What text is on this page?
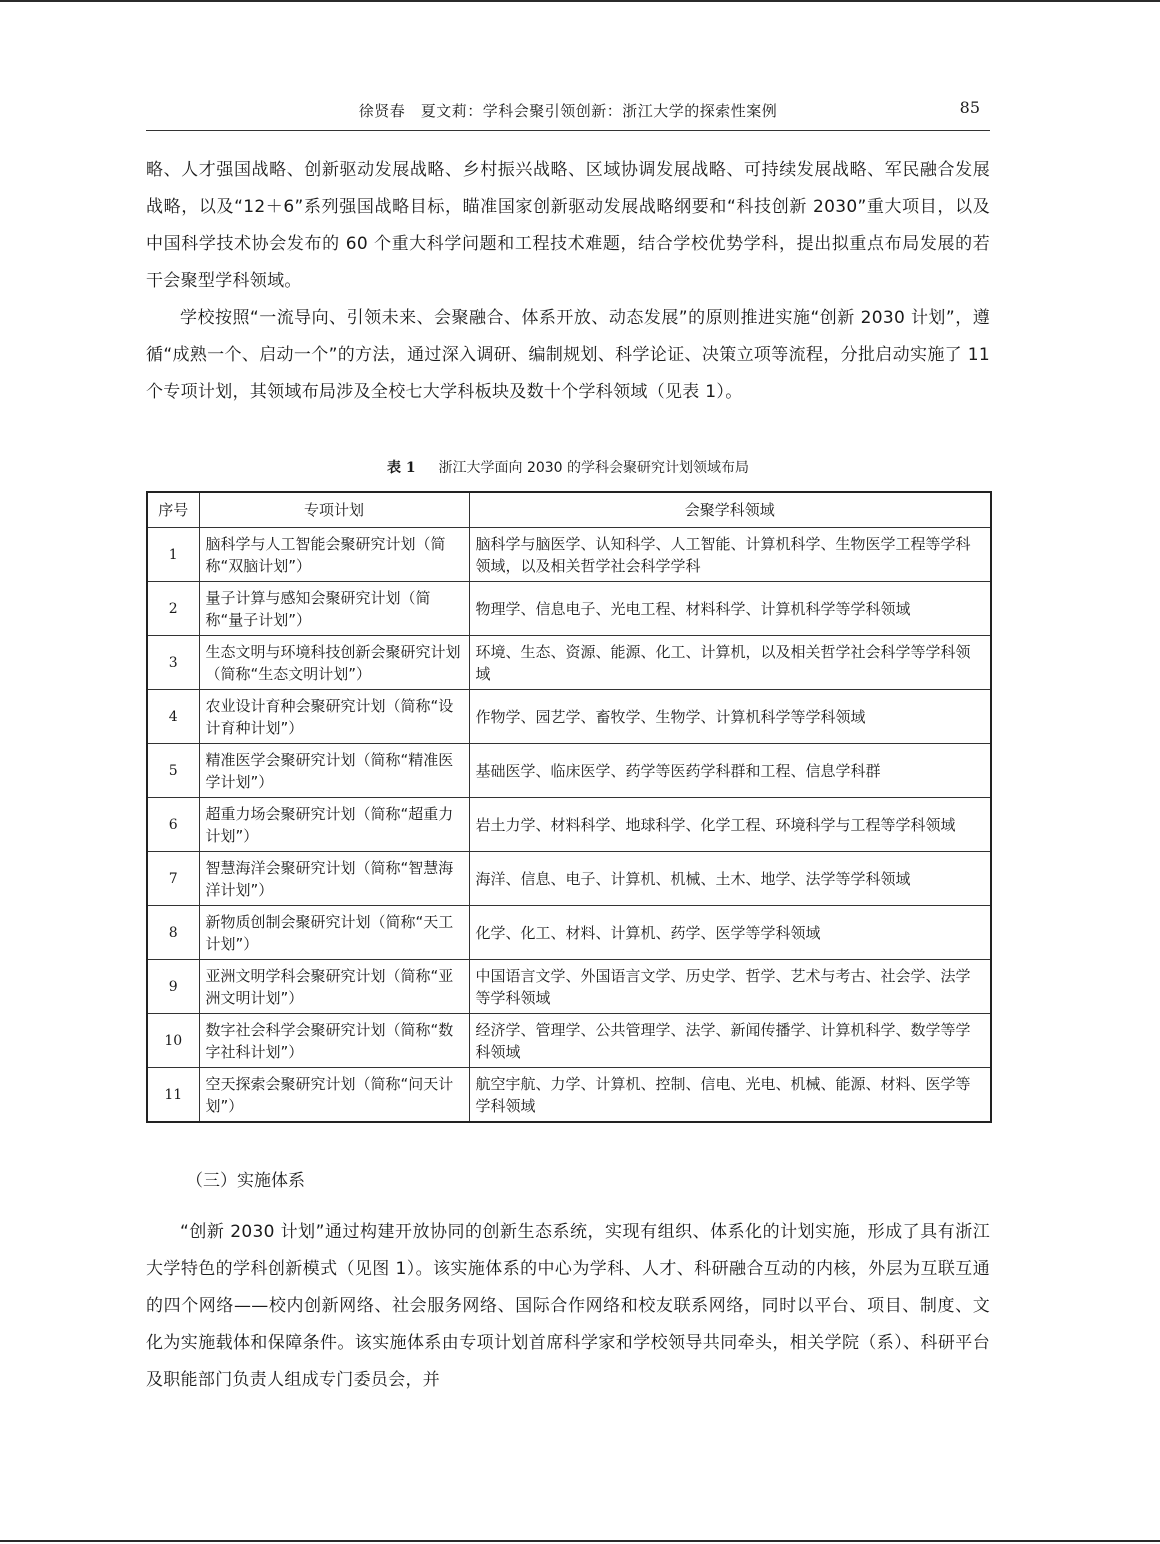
徐贤春　夏文莉：学科会聚引领创新：浙江大学的探索性案例	85

略、人才强国战略、创新驱动发展战略、乡村振兴战略、区域协调发展战略、可持续发展战略、军民融合发展战略，以及“12＋6”系列强国战略目标，瞄准国家创新驱动发展战略纲要和“科技创新 2030”重大项目，以及中国科学技术协会发布的 60 个重大科学问题和工程技术难题，结合学校优势学科，提出拟重点布局发展的若干会聚型学科领域。

学校按照“一流导向、引领未来、会聚融合、体系开放、动态发展”的原则推进实施“创新 2030 计划”，遵循“成熟一个、启动一个”的方法，通过深入调研、编制规划、科学论证、决策立项等流程，分批启动实施了 11 个专项计划，其领域布局涉及全校七大学科板块及数十个学科领域（见表 1）。

表 1 浙江大学面向 2030 的学科会聚研究计划领域布局
序号	专项计划	会聚学科领域
1	脑科学与人工智能会聚研究计划（简称“双脑计划”）	脑科学与脑医学、认知科学、人工智能、计算机科学、生物医学工程等学科领域，以及相关哲学社会科学学科
2	量子计算与感知会聚研究计划（简称“量子计划”）	物理学、信息电子、光电工程、材料科学、计算机科学等学科领域
3	生态文明与环境科技创新会聚研究计划（简称“生态文明计划”）	环境、生态、资源、能源、化工、计算机，以及相关哲学社会科学等学科领域
4	农业设计育种会聚研究计划（简称“设计育种计划”）	作物学、园艺学、畜牧学、生物学、计算机科学等学科领域
5	精准医学会聚研究计划（简称“精准医学计划”）	基础医学、临床医学、药学等医药学科群和工程、信息学科群
6	超重力场会聚研究计划（简称“超重力计划”）	岩土力学、材料科学、地球科学、化学工程、环境科学与工程等学科领域
7	智慧海洋会聚研究计划（简称“智慧海洋计划”）	海洋、信息、电子、计算机、机械、土木、地学、法学等学科领域
8	新物质创制会聚研究计划（简称“天工计划”）	化学、化工、材料、计算机、药学、医学等学科领域
9	亚洲文明学科会聚研究计划（简称“亚洲文明计划”）	中国语言文学、外国语言文学、历史学、哲学、艺术与考古、社会学、法学等学科领域
10	数字社会科学会聚研究计划（简称“数字社科计划”）	经济学、管理学、公共管理学、法学、新闻传播学、计算机科学、数学等学科领域
11	空天探索会聚研究计划（简称“问天计划”）	航空宇航、力学、计算机、控制、信电、光电、机械、能源、材料、医学等学科领域
（三）实施体系

“创新 2030 计划”通过构建开放协同的创新生态系统，实现有组织、体系化的计划实施，形成了具有浙江大学特色的学科创新模式（见图 1）。该实施体系的中心为学科、人才、科研融合互动的内核，外层为互联互通的四个网络——校内创新网络、社会服务网络、国际合作网络和校友联系网络，同时以平台、项目、制度、文化为实施载体和保障条件。该实施体系由专项计划首席科学家和学校领导共同牵头，相关学院（系）、科研平台及职能部门负责人组成专门委员会，并
